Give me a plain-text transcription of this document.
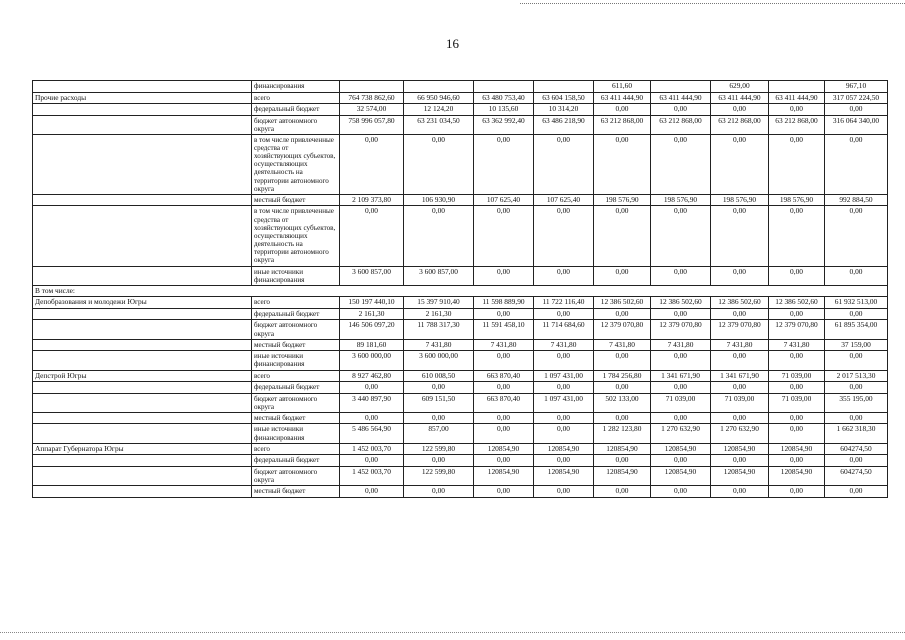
16
	финансирования					611,60		629,00		967,10
Прочие расходы	всего	764 738 862,60	66 950 946,60	63 480 753,40	63 604 158,50	63 411 444,90	63 411 444,90	63 411 444,90	63 411 444,90	317 057 224,50
	федеральный бюджет	32 574,00	12 124,20	10 135,60	10 314,20	0,00	0,00	0,00	0,00	0,00
	бюджет автономного округа	758 996 057,80	63 231 034,50	63 362 992,40	63 486 218,90	63 212 868,00	63 212 868,00	63 212 868,00	63 212 868,00	316 064 340,00
	в том числе привлеченные средства от хозяйствующих субъектов, осуществляющих деятельность на территории автономного округа	0,00	0,00	0,00	0,00	0,00	0,00	0,00	0,00	0,00
	местный бюджет	2 109 373,80	106 930,90	107 625,40	107 625,40	198 576,90	198 576,90	198 576,90	198 576,90	992 884,50
	в том числе привлеченные средства от хозяйствующих субъектов, осуществляющих деятельность на территории автономного округа	0,00	0,00	0,00	0,00	0,00	0,00	0,00	0,00	0,00
	иные источники финансирования	3 600 857,00	3 600 857,00	0,00	0,00	0,00	0,00	0,00	0,00	0,00
В том числе:										
Депобразования и молодежи Югры	всего	150 197 440,10	15 397 910,40	11 598 889,90	11 722 116,40	12 386 502,60	12 386 502,60	12 386 502,60	12 386 502,60	61 932 513,00
	федеральный бюджет	2 161,30	2 161,30	0,00	0,00	0,00	0,00	0,00	0,00	0,00
	бюджет автономного округа	146 506 097,20	11 788 317,30	11 591 458,10	11 714 684,60	12 379 070,80	12 379 070,80	12 379 070,80	12 379 070,80	61 895 354,00
	местный бюджет	89 181,60	7 431,80	7 431,80	7 431,80	7 431,80	7 431,80	7 431,80	7 431,80	37 159,00
	иные источники финансирования	3 600 000,00	3 600 000,00	0,00	0,00	0,00	0,00	0,00	0,00	0,00
Депстрой Югры	всего	8 927 462,80	610 008,50	663 870,40	1 097 431,00	1 784 256,80	1 341 671,90	1 341 671,90	71 039,00	2 017 513,30
	федеральный бюджет	0,00	0,00	0,00	0,00	0,00	0,00	0,00	0,00	0,00
	бюджет автономного округа	3 440 897,90	609 151,50	663 870,40	1 097 431,00	502 133,00	71 039,00	71 039,00	71 039,00	355 195,00
	местный бюджет	0,00	0,00	0,00	0,00	0,00	0,00	0,00	0,00	0,00
	иные источники финансирования	5 486 564,90	857,00	0,00	0,00	1 282 123,80	1 270 632,90	1 270 632,90	0,00	1 662 318,30
Аппарат Губернатора Югры	всего	1 452 003,70	122 599,80	120854,90	120854,90	120854,90	120854,90	120854,90	120854,90	604274,50
	федеральный бюджет	0,00	0,00	0,00	0,00	0,00	0,00	0,00	0,00	0,00
	бюджет автономного округа	1 452 003,70	122 599,80	120854,90	120854,90	120854,90	120854,90	120854,90	120854,90	604274,50
	местный бюджет	0,00	0,00	0,00	0,00	0,00	0,00	0,00	0,00	0,00
